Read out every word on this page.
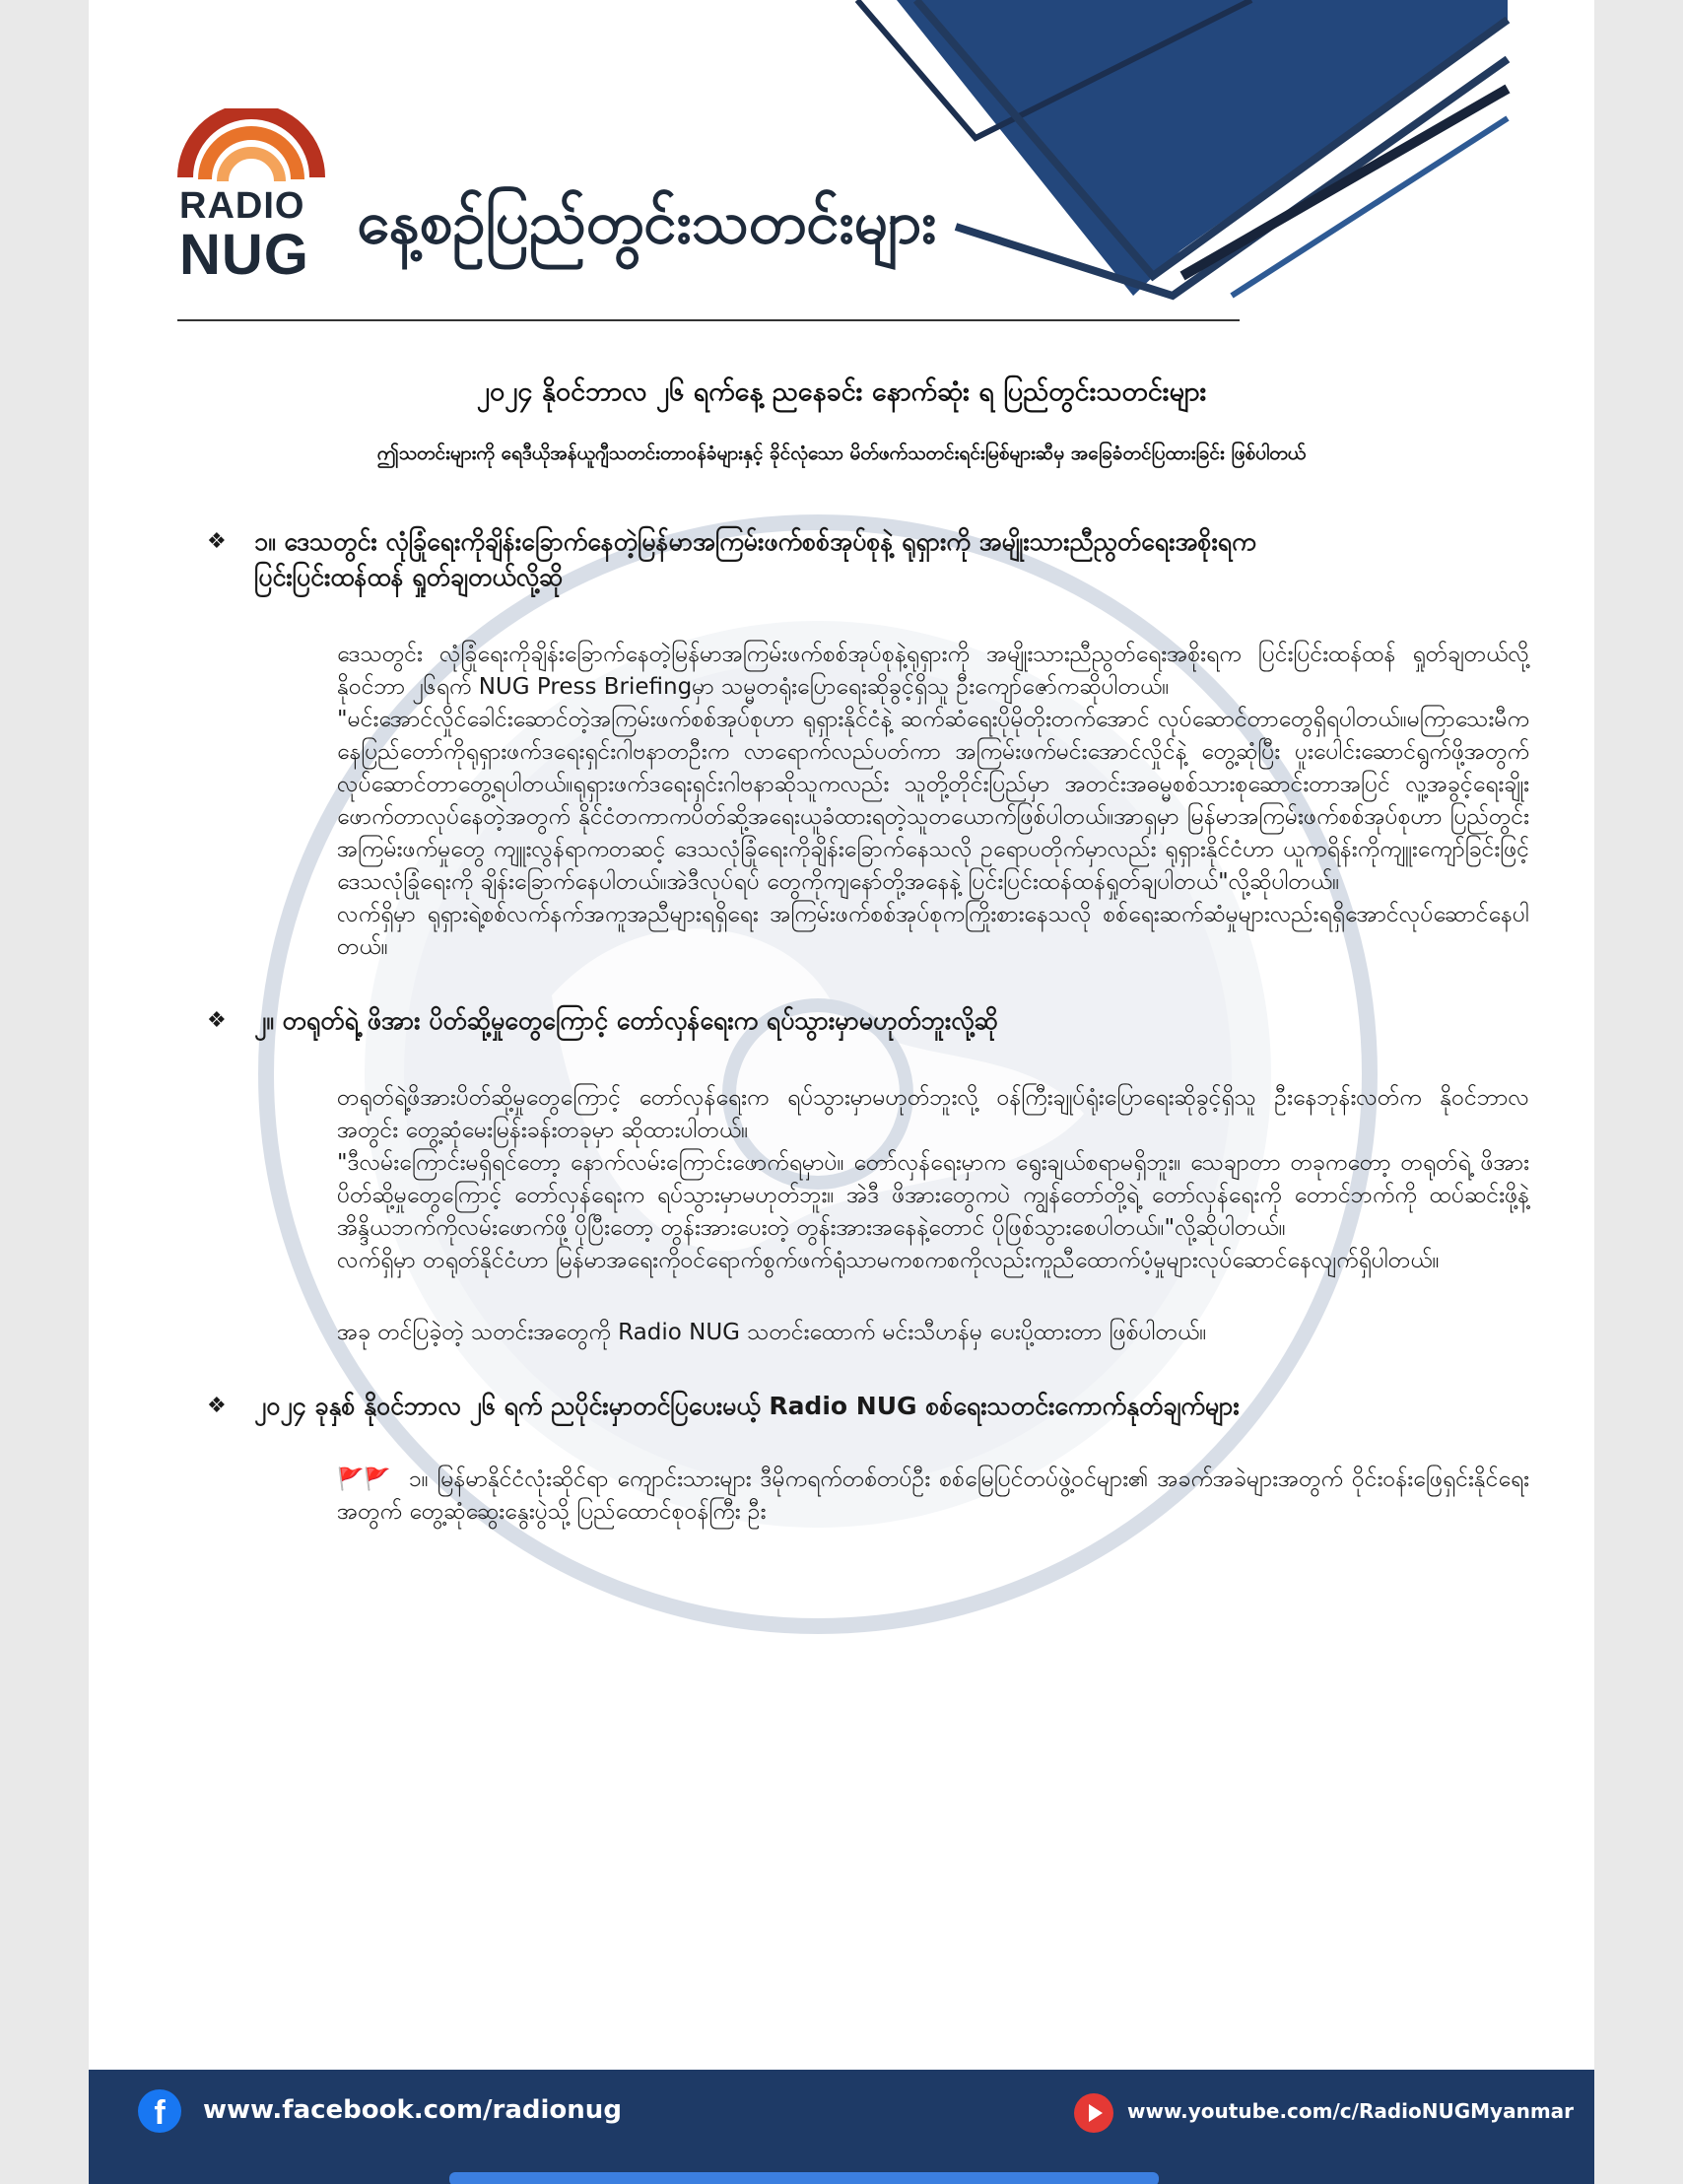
RADIO
NUG နေ့စဉ်ပြည်တွင်းသတင်းများ
၂၀၂၄ နိုဝင်ဘာလ ၂၆ ရက်နေ့ ညနေခင်း နောက်ဆုံး ရ ပြည်တွင်းသတင်းများ
ဤသတင်းများကို ရေဒီယိုအန်ယူဂျီသတင်းတာဝန်ခံများနှင့် ခိုင်လုံသော မိတ်ဖက်သတင်းရင်းမြစ်များဆီမှ အခြေခံတင်ပြထားခြင်း ဖြစ်ပါတယ်
❖	၁။ ဒေသတွင်း လုံခြုံရေးကိုချိန်းခြောက်နေတဲ့မြန်မာအကြမ်းဖက်စစ်အုပ်စုနဲ့ ရုရှားကို အမျိုးသားညီညွတ်ရေးအစိုးရက ပြင်းပြင်းထန်ထန် ရှုတ်ချတယ်လို့ဆို
ဒေသတွင်း လုံခြုံရေးကိုချိန်းခြောက်နေတဲ့မြန်မာအကြမ်းဖက်စစ်အုပ်စုနဲ့ရုရှားကို အမျိုးသားညီညွတ်ရေးအစိုးရက ပြင်းပြင်းထန်ထန် ရှုတ်ချတယ်လို့ နိုဝင်ဘာ ၂၆ရက် NUG Press Briefingမှာ သမ္မတရုံးပြောရေးဆိုခွင့်ရှိသူ ဦးကျော်ဇော်ကဆိုပါတယ်။
"မင်းအောင်လှိုင်ခေါင်းဆောင်တဲ့အကြမ်းဖက်စစ်အုပ်စုဟာ ရုရှားနိုင်ငံနဲ့ ဆက်ဆံရေးပိုမိုတိုးတက်အောင် လုပ်ဆောင်တာတွေရှိရပါတယ်။မကြာသေးမီက နေပြည်တော်ကိုရုရှားဖက်ဒရေးရှင်းဂါဗနာတဦးက လာရောက်လည်ပတ်ကာ အကြမ်းဖက်မင်းအောင်လှိုင်နဲ့ တွေ့ဆုံပြီး ပူးပေါင်းဆောင်ရွက်ဖို့အတွက် လုပ်ဆောင်တာတွေ့ရပါတယ်။ရုရှားဖက်ဒရေးရှင်းဂါဗနာဆိုသူကလည်း သူတို့တိုင်းပြည်မှာ အတင်းအဓမ္မစစ်သားစုဆောင်းတာအပြင် လူ့အခွင့်ရေးချိုးဖောက်တာလုပ်နေတဲ့အတွက် နိုင်ငံတကာကပိတ်ဆို့အရေးယူခံထားရတဲ့သူတယောက်ဖြစ်ပါတယ်။အာရှမှာ မြန်မာအကြမ်းဖက်စစ်အုပ်စုဟာ ပြည်တွင်းအကြမ်းဖက်မှုတွေ ကျူးလွန်ရာကတဆင့် ဒေသလုံခြုံရေးကိုချိန်းခြောက်နေသလို ဥရောပတိုက်မှာလည်း ရုရှားနိုင်ငံဟာ ယူကရိန်းကိုကျူးကျော်ခြင်းဖြင့် ဒေသလုံခြုံရေးကို ချိန်းခြောက်နေပါတယ်။အဲဒီလုပ်ရပ် တွေကိုကျနော်တို့အနေနဲ့ ပြင်းပြင်းထန်ထန်ရှုတ်ချပါတယ်"လို့ဆိုပါတယ်။
လက်ရှိမှာ ရုရှားရဲ့စစ်လက်နက်အကူအညီများရရှိရေး အကြမ်းဖက်စစ်အုပ်စုကကြိုးစားနေသလို စစ်ရေးဆက်ဆံမှုများလည်းရရှိအောင်လုပ်ဆောင်နေပါတယ်။
❖	၂။ တရုတ်ရဲ့ ဖိအား ပိတ်ဆို့မှုတွေကြောင့် တော်လှန်ရေးက ရပ်သွားမှာမဟုတ်ဘူးလို့ဆို
တရုတ်ရဲ့ဖိအားပိတ်ဆို့မှုတွေကြောင့် တော်လှန်ရေးက ရပ်သွားမှာမဟုတ်ဘူးလို့ ဝန်ကြီးချုပ်ရုံးပြောရေးဆိုခွင့်ရှိသူ ဦးနေဘုန်းလတ်က နိုဝင်ဘာလအတွင်း တွေ့ဆုံမေးမြန်းခန်းတခုမှာ ဆိုထားပါတယ်။
"ဒီလမ်းကြောင်းမရှိရင်တော့ နောက်လမ်းကြောင်းဖောက်ရမှာပဲ။ တော်လှန်ရေးမှာက ရွေးချယ်စရာမရှိဘူး။ သေချာတာ တခုကတော့ တရုတ်ရဲ့ ဖိအား ပိတ်ဆို့မှုတွေကြောင့် တော်လှန်ရေးက ရပ်သွားမှာမဟုတ်ဘူး။ အဲဒီ ဖိအားတွေကပဲ ကျွန်တော်တို့ရဲ့ တော်လှန်ရေးကို တောင်ဘက်ကို ထပ်ဆင်းဖို့နဲ့ အိန္ဒိယဘက်ကိုလမ်းဖောက်ဖို့ ပိုပြီးတော့ တွန်းအားပေးတဲ့ တွန်းအားအနေနဲ့တောင် ပိုဖြစ်သွားစေပါတယ်။"လို့ဆိုပါတယ်။
လက်ရှိမှာ တရုတ်နိုင်ငံဟာ မြန်မာအရေးကိုဝင်ရောက်စွက်ဖက်ရုံသာမကစကစကိုလည်းကူညီထောက်ပံ့မှုများလုပ်ဆောင်နေလျက်ရှိပါတယ်။
အခု တင်ပြခဲ့တဲ့ သတင်းအတွေကို Radio NUG သတင်းထောက် မင်းသီဟန်မှ ပေးပို့ထားတာ ဖြစ်ပါတယ်။
❖	၂၀၂၄ ခုနှစ် နိုဝင်ဘာလ ၂၆ ရက် ညပိုင်းမှာတင်ပြပေးမယ့် Radio NUG စစ်ရေးသတင်းကောက်နုတ်ချက်များ
🚩🚩 ၁။ မြန်မာနိုင်ငံလုံးဆိုင်ရာ ကျောင်းသားများ ဒီမိုကရက်တစ်တပ်ဦး စစ်မြေပြင်တပ်ဖွဲ့ဝင်များ၏ အခက်အခဲများအတွက် ဝိုင်းဝန်းဖြေရှင်းနိုင်ရေးအတွက် တွေ့ဆုံဆွေးနွေးပွဲသို့ ပြည်ထောင်စုဝန်ကြီး ဦး
f	www.facebook.com/radionug	www.youtube.com/c/RadioNUGMyanmar
